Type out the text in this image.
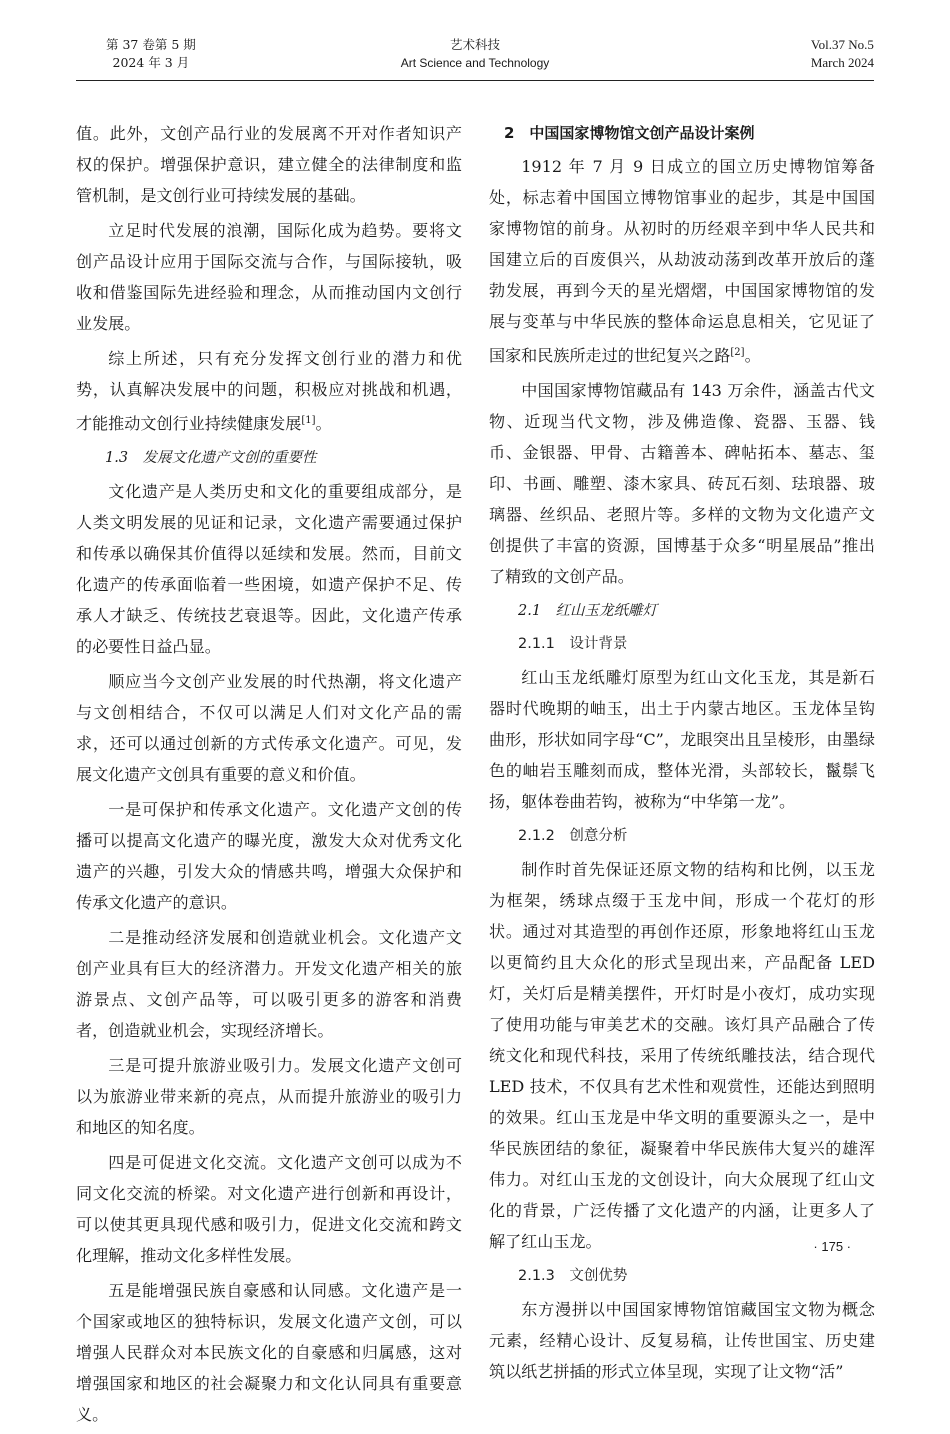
第 37 卷第 5 期
2024 年 3 月
艺术科技
Art Science and Technology
Vol.37 No.5
March 2024

值。此外，文创产品行业的发展离不开对作者知识产权的保护。增强保护意识，建立健全的法律制度和监管机制，是文创行业可持续发展的基础。

立足时代发展的浪潮，国际化成为趋势。要将文创产品设计应用于国际交流与合作，与国际接轨，吸收和借鉴国际先进经验和理念，从而推动国内文创行业发展。

综上所述，只有充分发挥文创行业的潜力和优势，认真解决发展中的问题，积极应对挑战和机遇，才能推动文创行业持续健康发展[1]。

1.3　发展文化遗产文创的重要性

文化遗产是人类历史和文化的重要组成部分，是人类文明发展的见证和记录，文化遗产需要通过保护和传承以确保其价值得以延续和发展。然而，目前文化遗产的传承面临着一些困境，如遗产保护不足、传承人才缺乏、传统技艺衰退等。因此，文化遗产传承的必要性日益凸显。

顺应当今文创产业发展的时代热潮，将文化遗产与文创相结合，不仅可以满足人们对文化产品的需求，还可以通过创新的方式传承文化遗产。可见，发展文化遗产文创具有重要的意义和价值。

一是可保护和传承文化遗产。文化遗产文创的传播可以提高文化遗产的曝光度，激发大众对优秀文化遗产的兴趣，引发大众的情感共鸣，增强大众保护和传承文化遗产的意识。

二是推动经济发展和创造就业机会。文化遗产文创产业具有巨大的经济潜力。开发文化遗产相关的旅游景点、文创产品等，可以吸引更多的游客和消费者，创造就业机会，实现经济增长。

三是可提升旅游业吸引力。发展文化遗产文创可以为旅游业带来新的亮点，从而提升旅游业的吸引力和地区的知名度。

四是可促进文化交流。文化遗产文创可以成为不同文化交流的桥梁。对文化遗产进行创新和再设计，可以使其更具现代感和吸引力，促进文化交流和跨文化理解，推动文化多样性发展。

五是能增强民族自豪感和认同感。文化遗产是一个国家或地区的独特标识，发展文化遗产文创，可以增强人民群众对本民族文化的自豪感和归属感，这对增强国家和地区的社会凝聚力和文化认同具有重要意义。

2　中国国家博物馆文创产品设计案例

1912 年 7 月 9 日成立的国立历史博物馆筹备处，标志着中国国立博物馆事业的起步，其是中国国家博物馆的前身。从初时的历经艰辛到中华人民共和国建立后的百废俱兴，从劫波动荡到改革开放后的蓬勃发展，再到今天的星光熠熠，中国国家博物馆的发展与变革与中华民族的整体命运息息相关，它见证了国家和民族所走过的世纪复兴之路[2]。

中国国家博物馆藏品有 143 万余件，涵盖古代文物、近现当代文物，涉及佛造像、瓷器、玉器、钱币、金银器、甲骨、古籍善本、碑帖拓本、墓志、玺印、书画、雕塑、漆木家具、砖瓦石刻、珐琅器、玻璃器、丝织品、老照片等。多样的文物为文化遗产文创提供了丰富的资源，国博基于众多“明星展品”推出了精致的文创产品。

2.1　红山玉龙纸雕灯
2.1.1　设计背景

红山玉龙纸雕灯原型为红山文化玉龙，其是新石器时代晚期的岫玉，出土于内蒙古地区。玉龙体呈钩曲形，形状如同字母“C”，龙眼突出且呈棱形，由墨绿色的岫岩玉雕刻而成，整体光滑，头部较长，鬣鬃飞扬，躯体卷曲若钩，被称为“中华第一龙”。

2.1.2　创意分析

制作时首先保证还原文物的结构和比例，以玉龙为框架，绣球点缀于玉龙中间，形成一个花灯的形状。通过对其造型的再创作还原，形象地将红山玉龙以更简约且大众化的形式呈现出来，产品配备 LED 灯，关灯后是精美摆件，开灯时是小夜灯，成功实现了使用功能与审美艺术的交融。该灯具产品融合了传统文化和现代科技，采用了传统纸雕技法，结合现代 LED 技术，不仅具有艺术性和观赏性，还能达到照明的效果。红山玉龙是中华文明的重要源头之一，是中华民族团结的象征，凝聚着中华民族伟大复兴的雄浑伟力。对红山玉龙的文创设计，向大众展现了红山文化的背景，广泛传播了文化遗产的内涵，让更多人了解了红山玉龙。

2.1.3　文创优势

东方漫拼以中国国家博物馆馆藏国宝文物为概念元素，经精心设计、反复易稿，让传世国宝、历史建筑以纸艺拼插的形式立体呈现，实现了让文物“活”

· 175 ·
